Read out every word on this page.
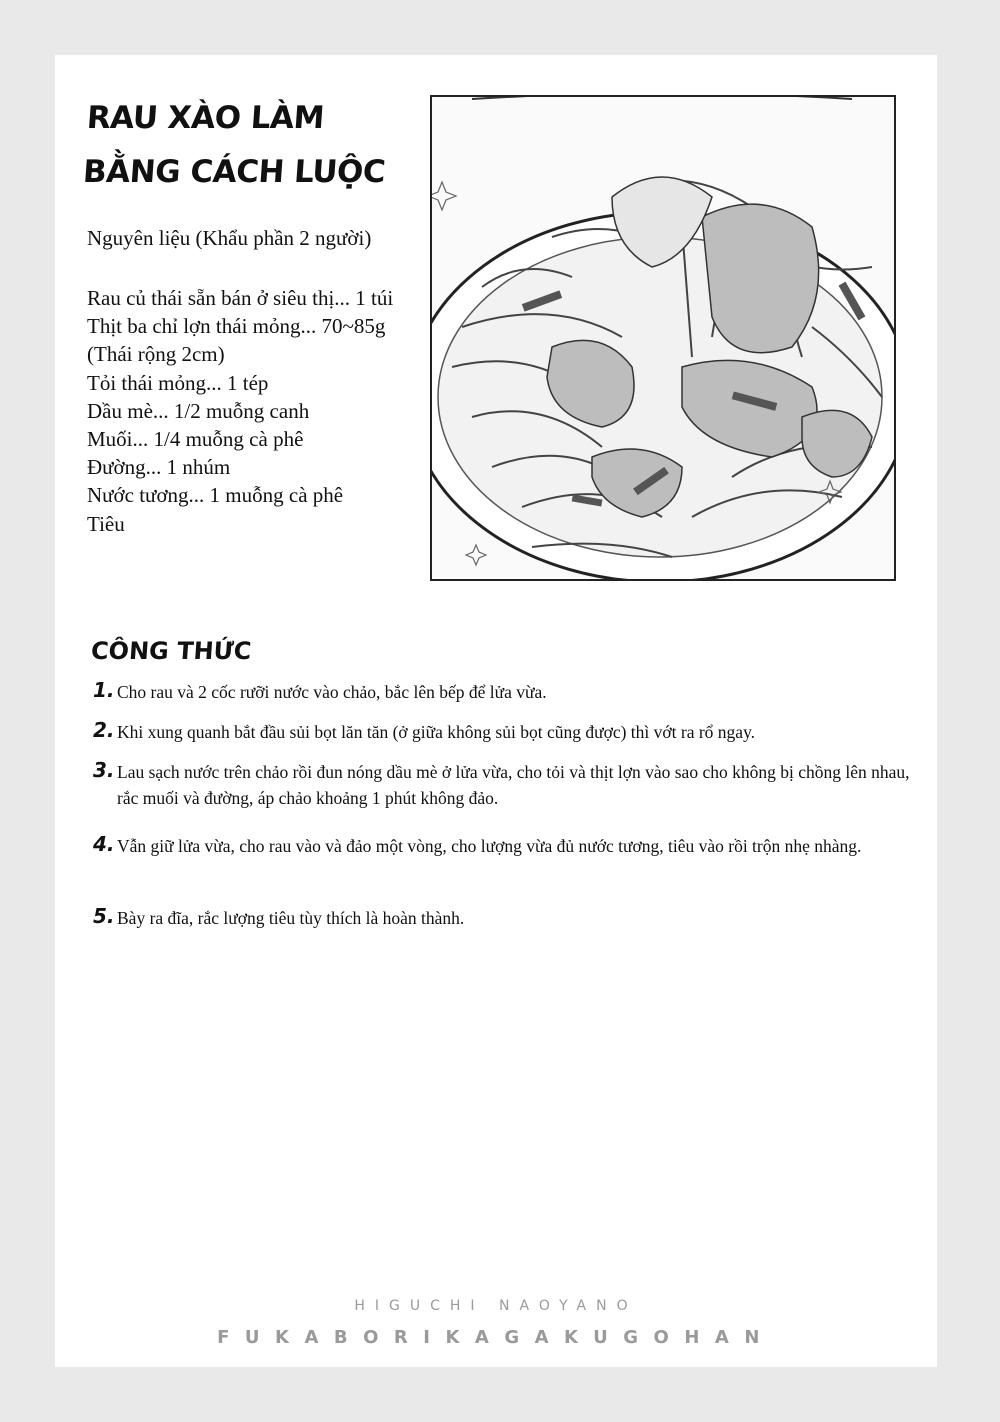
RAU XÀO LÀM
BẰNG CÁCH LUỘC
Nguyên liệu (Khẩu phần 2 người)
Rau củ thái sẵn bán ở siêu thị... 1 túi
Thịt ba chỉ lợn thái mỏng... 70~85g
(Thái rộng 2cm)
Tỏi thái mỏng... 1 tép
Dầu mè... 1/2 muỗng canh
Muối... 1/4 muỗng cà phê
Đường... 1 nhúm
Nước tương... 1 muỗng cà phê
Tiêu
CÔNG THỨC
1. Cho rau và 2 cốc rưỡi nước vào chảo, bắc lên bếp để lửa vừa.
2. Khi xung quanh bắt đầu sủi bọt lăn tăn (ở giữa không sủi bọt cũng được) thì vớt ra rổ ngay.
3. Lau sạch nước trên chảo rồi đun nóng dầu mè ở lửa vừa, cho tỏi và thịt lợn vào sao cho không bị chồng lên nhau, rắc muối và đường, áp chảo khoảng 1 phút không đảo.
4. Vẫn giữ lửa vừa, cho rau vào và đảo một vòng, cho lượng vừa đủ nước tương, tiêu vào rồi trộn nhẹ nhàng.
5. Bày ra đĩa, rắc lượng tiêu tùy thích là hoàn thành.
HIGUCHI NAOYANO
FUKABORIKAGAKUGOHAN
